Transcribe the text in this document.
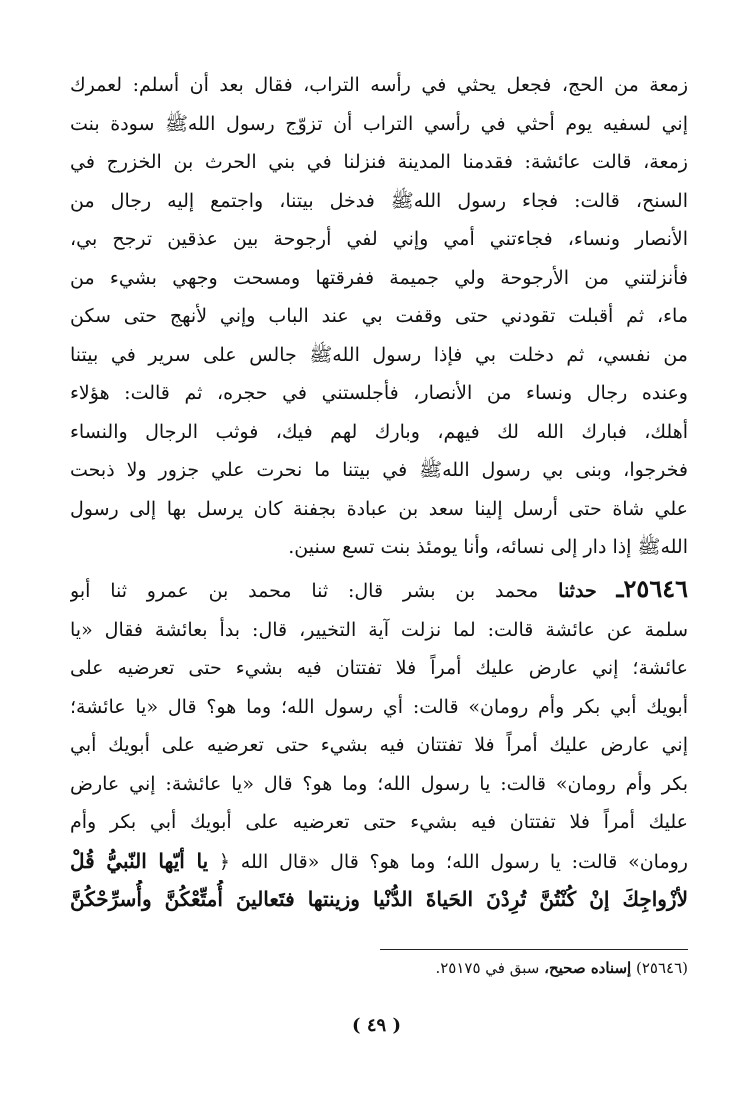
زمعة من الحج، فجعل يحثي في رأسه التراب، فقال بعد أن أسلم: لعمرك
إني لسفيه يوم أحثي في رأسي التراب أن تزوّج رسول اللهﷺ سودة بنت
زمعة، قالت عائشة: فقدمنا المدينة فنزلنا في بني الحرث بن الخزرج في
السنح، قالت: فجاء رسول اللهﷺ فدخل بيتنا، واجتمع إليه رجال من
الأنصار ونساء، فجاءتني أمي وإني لفي أرجوحة بين عذقين ترجح بي،
فأنزلتني من الأرجوحة ولي جميمة ففرقتها ومسحت وجهي بشيء من
ماء، ثم أقبلت تقودني حتى وقفت بي عند الباب وإني لأنهج حتى سكن
من نفسي، ثم دخلت بي فإذا رسول اللهﷺ جالس على سرير في بيتنا
وعنده رجال ونساء من الأنصار، فأجلستني في حجره، ثم قالت: هؤلاء
أهلك، فبارك الله لك فيهم، وبارك لهم فيك، فوثب الرجال والنساء
فخرجوا، وبنى بي رسول اللهﷺ في بيتنا ما نحرت علي جزور ولا ذبحت
علي شاة حتى أرسل إلينا سعد بن عبادة بجفنة كان يرسل بها إلى رسول
اللهﷺ إذا دار إلى نسائه، وأنا يومئذ بنت تسع سنين.
٢٥٦٤٦ـ حدثنا محمد بن بشر قال: ثنا محمد بن عمرو ثنا أبو
سلمة عن عائشة قالت: لما نزلت آية التخيير، قال: بدأ بعائشة فقال «يا
عائشة؛ إني عارض عليك أمراً فلا تفتتان فيه بشيء حتى تعرضيه على
أبويك أبي بكر وأم رومان» قالت: أي رسول الله؛ وما هو؟ قال «يا عائشة؛
إني عارض عليك أمراً فلا تفتتان فيه بشيء حتى تعرضيه على أبويك أبي
بكر وأم رومان» قالت: يا رسول الله؛ وما هو؟ قال «يا عائشة: إني عارض
عليك أمراً فلا تفتتان فيه بشيء حتى تعرضيه على أبويك أبي بكر وأم
رومان» قالت: يا رسول الله؛ وما هو؟ قال «قال الله ﴿ يا أيّها النّبيُّ قُلْ
لأزْواجِكَ إنْ كُنْتُنَّ تُرِدْنَ الحَياةَ الدُّنْيا وزينتها فتَعالينَ أُمتِّعْكُنَّ وأُسرِّحْكُنَّ
(٢٥٦٤٦) إسناده صحيح، سبق في ٢٥١٧٥.
( ٤٩ )
